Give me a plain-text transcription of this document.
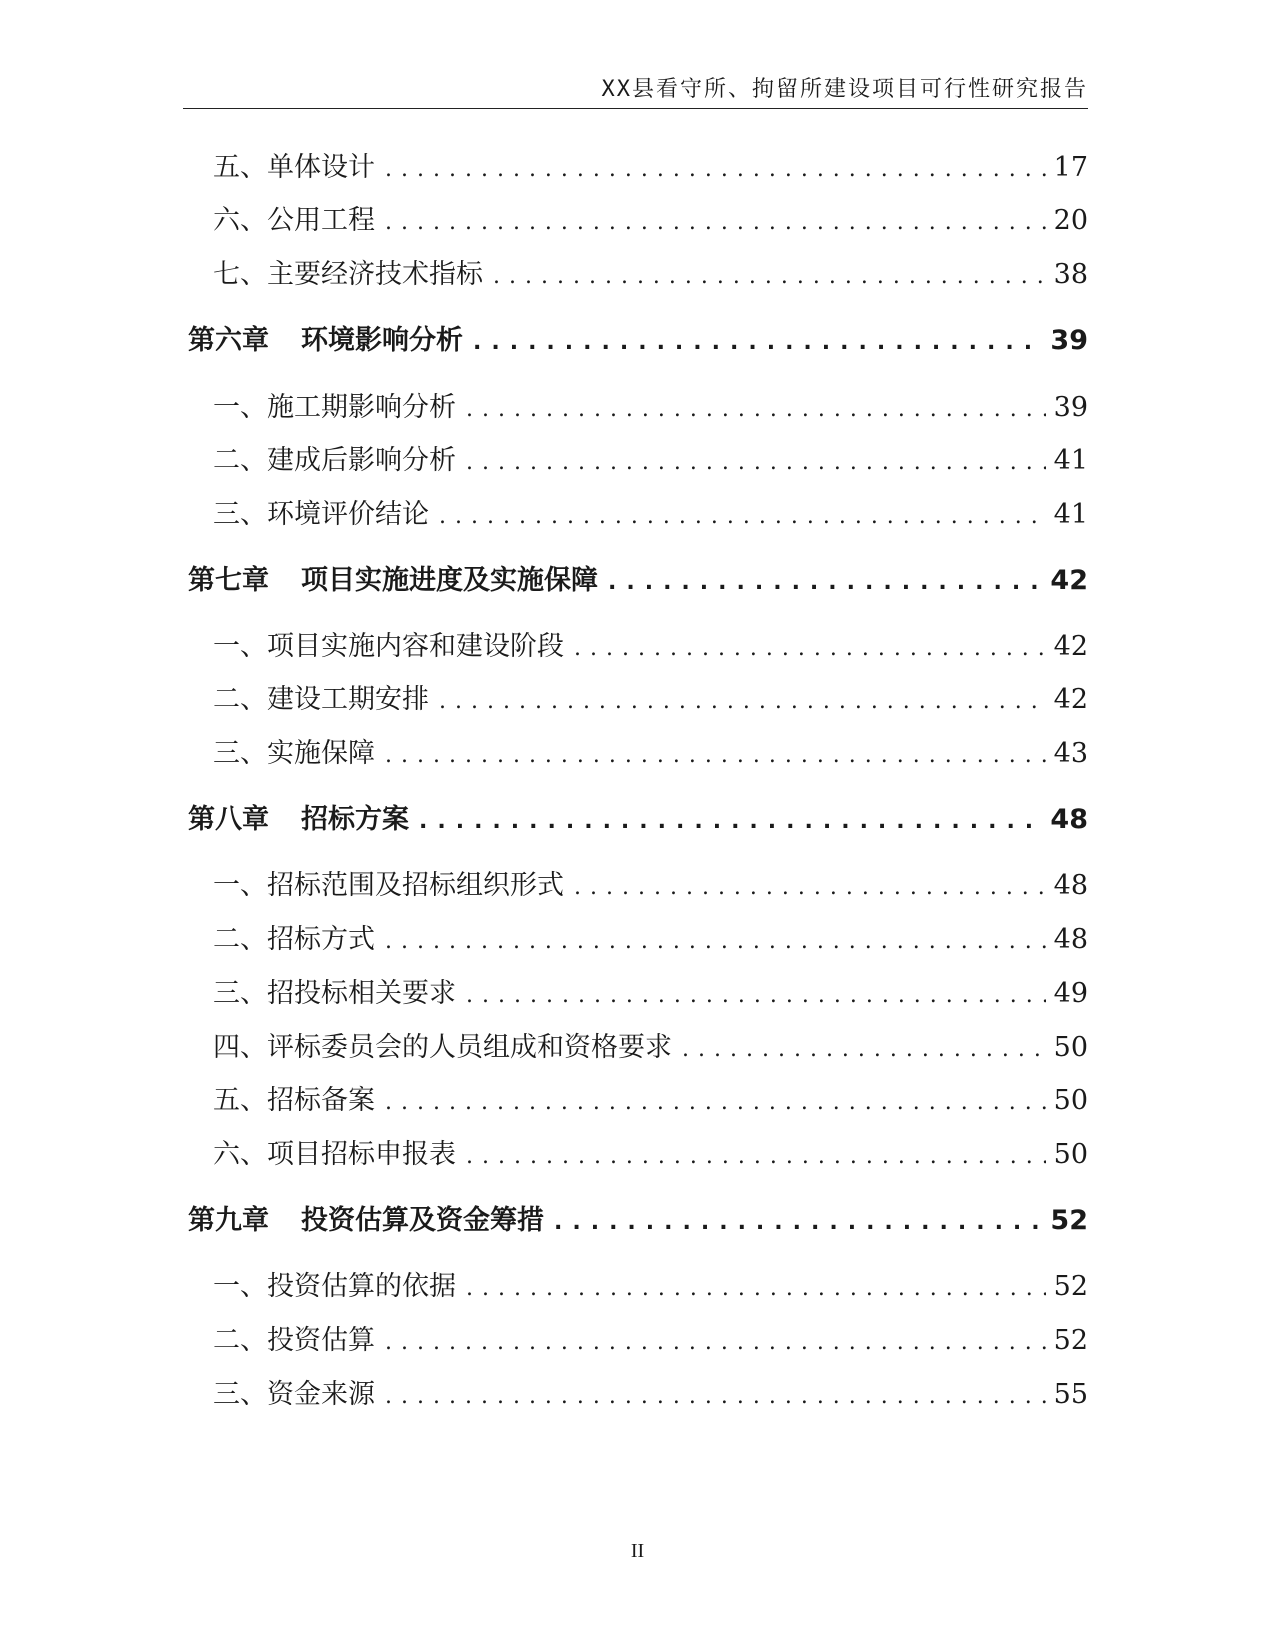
XX县看守所、拘留所建设项目可行性研究报告
五、单体设计 .....	17
六、公用工程 .....	20
七、主要经济技术指标 .....	38
第六章 环境影响分析 .....	39
一、施工期影响分析 .....	39
二、建成后影响分析 .....	41
三、环境评价结论 .....	41
第七章 项目实施进度及实施保障 .....	42
一、项目实施内容和建设阶段 .....	42
二、建设工期安排 .....	42
三、实施保障 .....	43
第八章 招标方案 .....	48
一、招标范围及招标组织形式 .....	48
二、招标方式 .....	48
三、招投标相关要求 .....	49
四、评标委员会的人员组成和资格要求 .....	50
五、招标备案 .....	50
六、项目招标申报表 .....	50
第九章 投资估算及资金筹措 .....	52
一、投资估算的依据 .....	52
二、投资估算 .....	52
三、资金来源 .....	55
II
